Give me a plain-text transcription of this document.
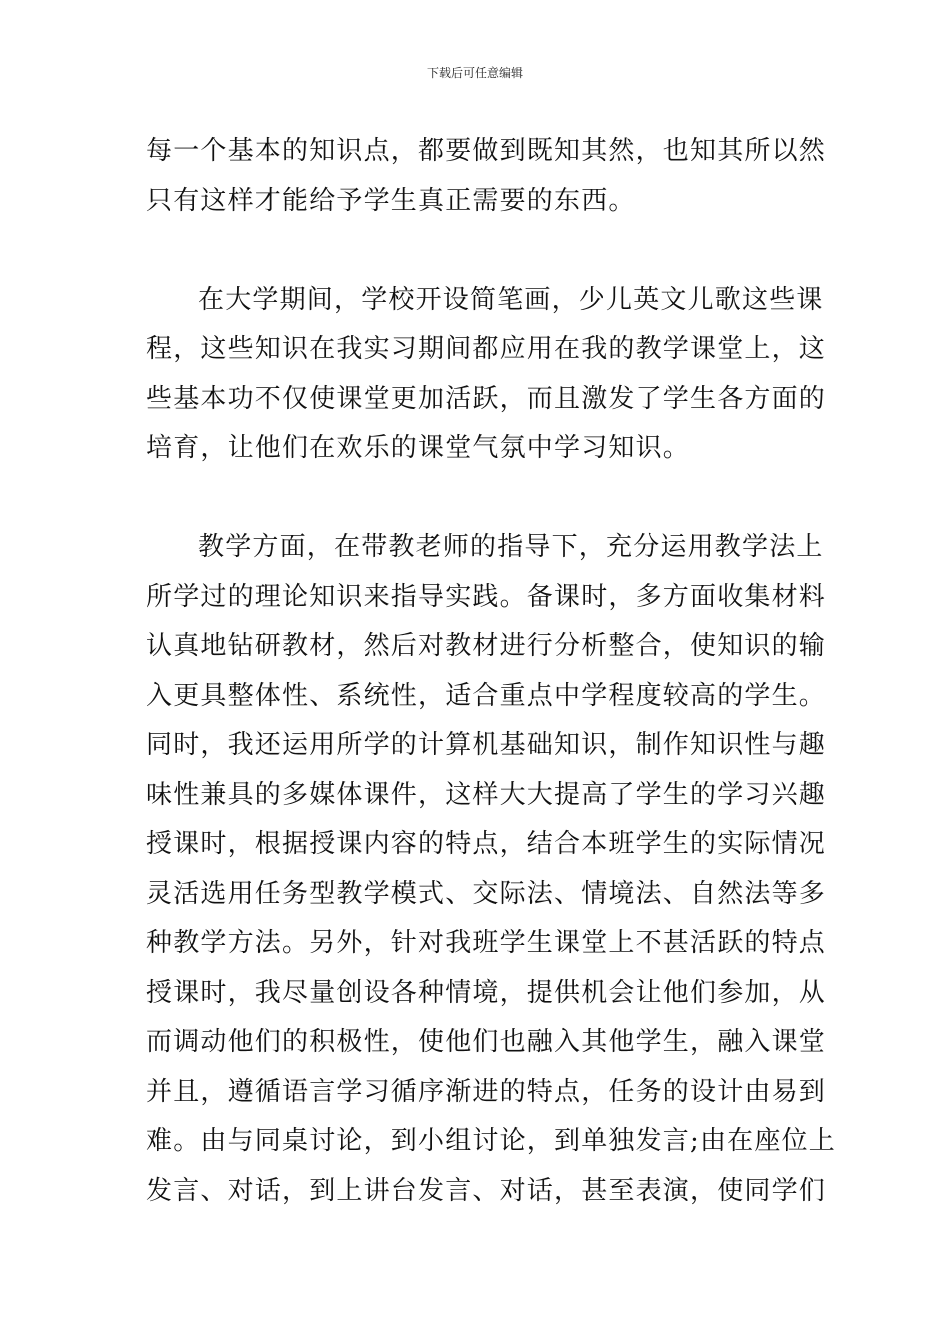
下载后可任意编辑

每一个基本的知识点，都要做到既知其然，也知其所以然
只有这样才能给予学生真正需要的东西。

在大学期间，学校开设简笔画，少儿英文儿歌这些课
程，这些知识在我实习期间都应用在我的教学课堂上，这
些基本功不仅使课堂更加活跃，而且激发了学生各方面的
培育，让他们在欢乐的课堂气氛中学习知识。

教学方面，在带教老师的指导下，充分运用教学法上
所学过的理论知识来指导实践。备课时，多方面收集材料
认真地钻研教材，然后对教材进行分析整合，使知识的输
入更具整体性、系统性，适合重点中学程度较高的学生。
同时，我还运用所学的计算机基础知识，制作知识性与趣
味性兼具的多媒体课件，这样大大提高了学生的学习兴趣
授课时，根据授课内容的特点，结合本班学生的实际情况
灵活选用任务型教学模式、交际法、情境法、自然法等多
种教学方法。另外，针对我班学生课堂上不甚活跃的特点
授课时，我尽量创设各种情境，提供机会让他们参加，从
而调动他们的积极性，使他们也融入其他学生，融入课堂
并且，遵循语言学习循序渐进的特点，任务的设计由易到
难。由与同桌讨论，到小组讨论，到单独发言;由在座位上
发言、对话，到上讲台发言、对话，甚至表演，使同学们
